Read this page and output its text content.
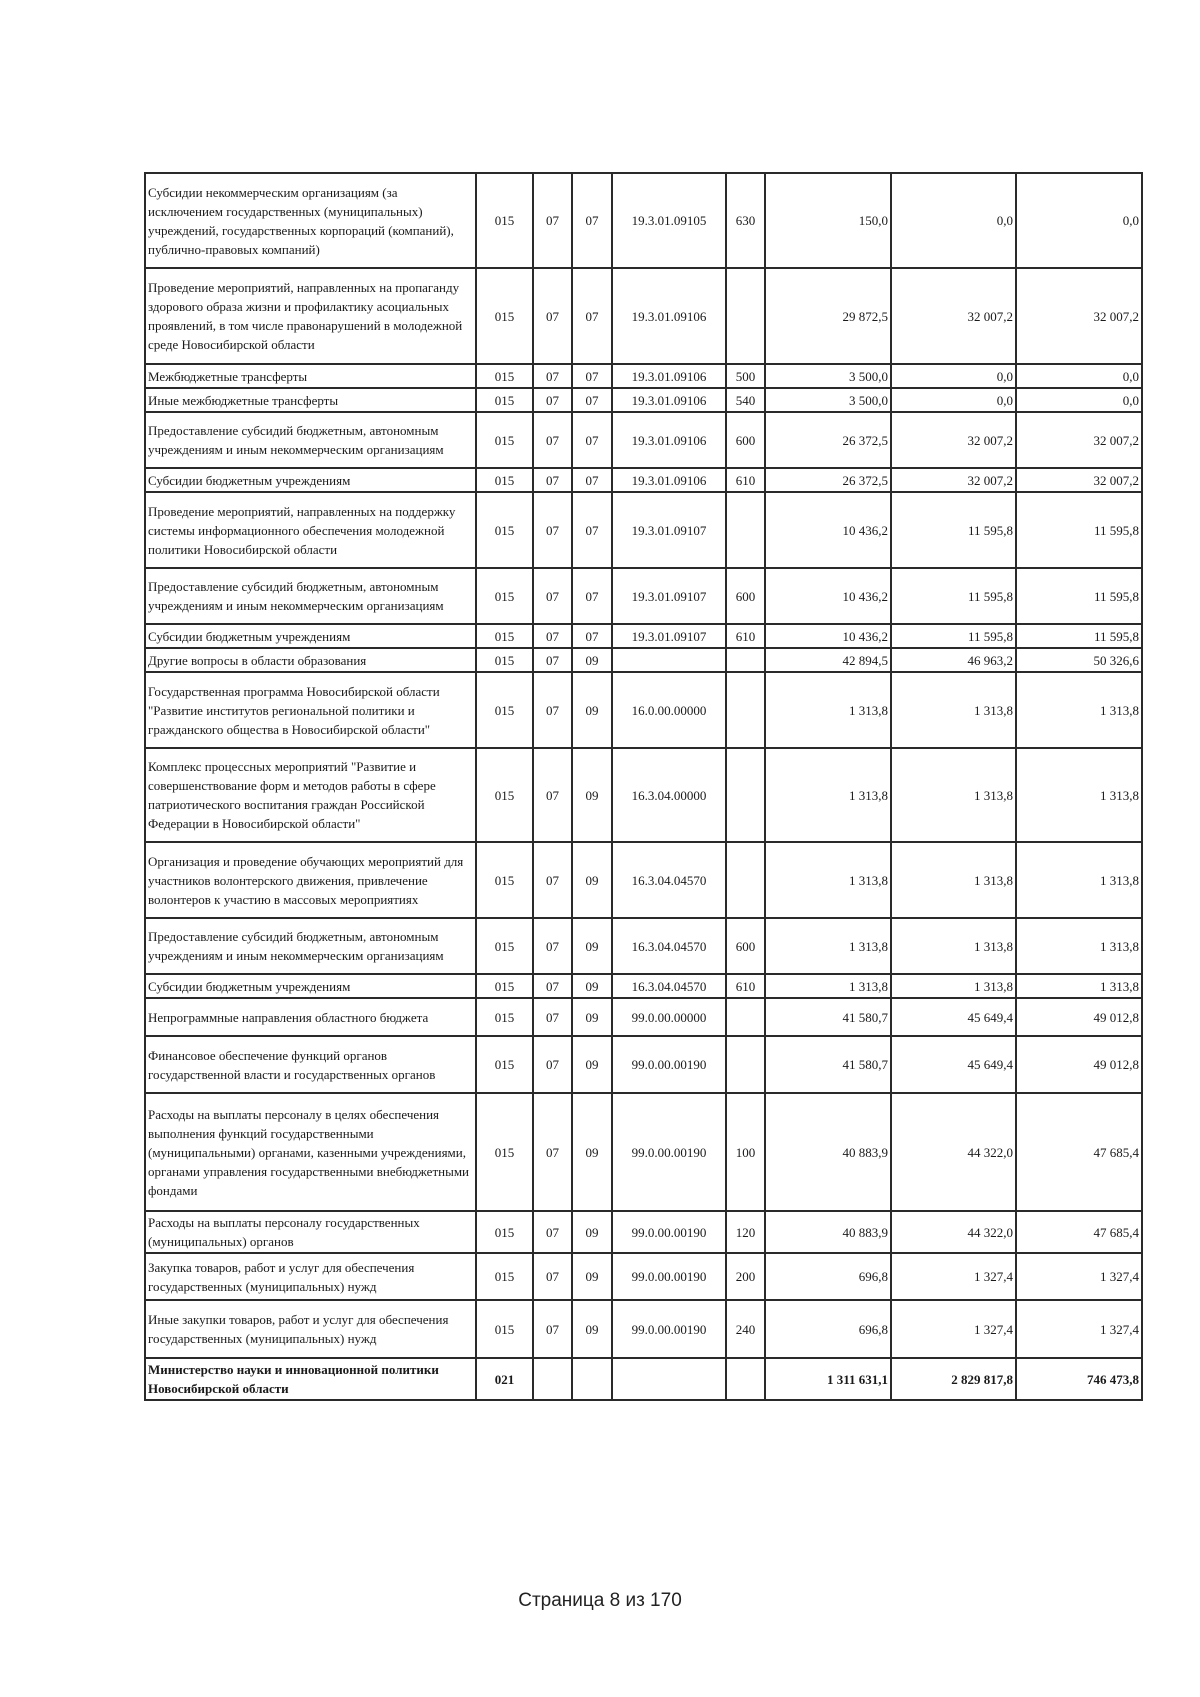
Субсидии некоммерческим организациям (за исключением государственных (муниципальных) учреждений, государственных корпораций (компаний), публично-правовых компаний)	015	07	07	19.3.01.09105	630	150,0	0,0	0,0
Проведение мероприятий, направленных на пропаганду здорового образа жизни и профилактику асоциальных проявлений, в том числе правонарушений в молодежной среде Новосибирской области	015	07	07	19.3.01.09106		29 872,5	32 007,2	32 007,2
Межбюджетные трансферты	015	07	07	19.3.01.09106	500	3 500,0	0,0	0,0
Иные межбюджетные трансферты	015	07	07	19.3.01.09106	540	3 500,0	0,0	0,0
Предоставление субсидий бюджетным, автономным учреждениям и иным некоммерческим организациям	015	07	07	19.3.01.09106	600	26 372,5	32 007,2	32 007,2
Субсидии бюджетным учреждениям	015	07	07	19.3.01.09106	610	26 372,5	32 007,2	32 007,2
Проведение мероприятий, направленных на поддержку системы информационного обеспечения молодежной политики Новосибирской области	015	07	07	19.3.01.09107		10 436,2	11 595,8	11 595,8
Предоставление субсидий бюджетным, автономным учреждениям и иным некоммерческим организациям	015	07	07	19.3.01.09107	600	10 436,2	11 595,8	11 595,8
Субсидии бюджетным учреждениям	015	07	07	19.3.01.09107	610	10 436,2	11 595,8	11 595,8
Другие вопросы в области образования	015	07	09			42 894,5	46 963,2	50 326,6
Государственная программа Новосибирской области "Развитие институтов региональной политики и гражданского общества в Новосибирской области"	015	07	09	16.0.00.00000		1 313,8	1 313,8	1 313,8
Комплекс процессных мероприятий "Развитие и совершенствование форм и методов работы в сфере патриотического воспитания граждан Российской Федерации в Новосибирской области"	015	07	09	16.3.04.00000		1 313,8	1 313,8	1 313,8
Организация и проведение обучающих мероприятий для участников волонтерского движения, привлечение волонтеров к участию в массовых мероприятиях	015	07	09	16.3.04.04570		1 313,8	1 313,8	1 313,8
Предоставление субсидий бюджетным, автономным учреждениям и иным некоммерческим организациям	015	07	09	16.3.04.04570	600	1 313,8	1 313,8	1 313,8
Субсидии бюджетным учреждениям	015	07	09	16.3.04.04570	610	1 313,8	1 313,8	1 313,8
Непрограммные направления областного бюджета	015	07	09	99.0.00.00000		41 580,7	45 649,4	49 012,8
Финансовое обеспечение функций органов государственной власти и государственных органов	015	07	09	99.0.00.00190		41 580,7	45 649,4	49 012,8
Расходы на выплаты персоналу в целях обеспечения выполнения функций государственными (муниципальными) органами, казенными учреждениями, органами управления государственными внебюджетными фондами	015	07	09	99.0.00.00190	100	40 883,9	44 322,0	47 685,4
Расходы на выплаты персоналу государственных (муниципальных) органов	015	07	09	99.0.00.00190	120	40 883,9	44 322,0	47 685,4
Закупка товаров, работ и услуг для обеспечения государственных (муниципальных) нужд	015	07	09	99.0.00.00190	200	696,8	1 327,4	1 327,4
Иные закупки товаров, работ и услуг для обеспечения государственных (муниципальных) нужд	015	07	09	99.0.00.00190	240	696,8	1 327,4	1 327,4
Министерство науки и инновационной политики Новосибирской области	021					1 311 631,1	2 829 817,8	746 473,8
Страница 8 из 170
